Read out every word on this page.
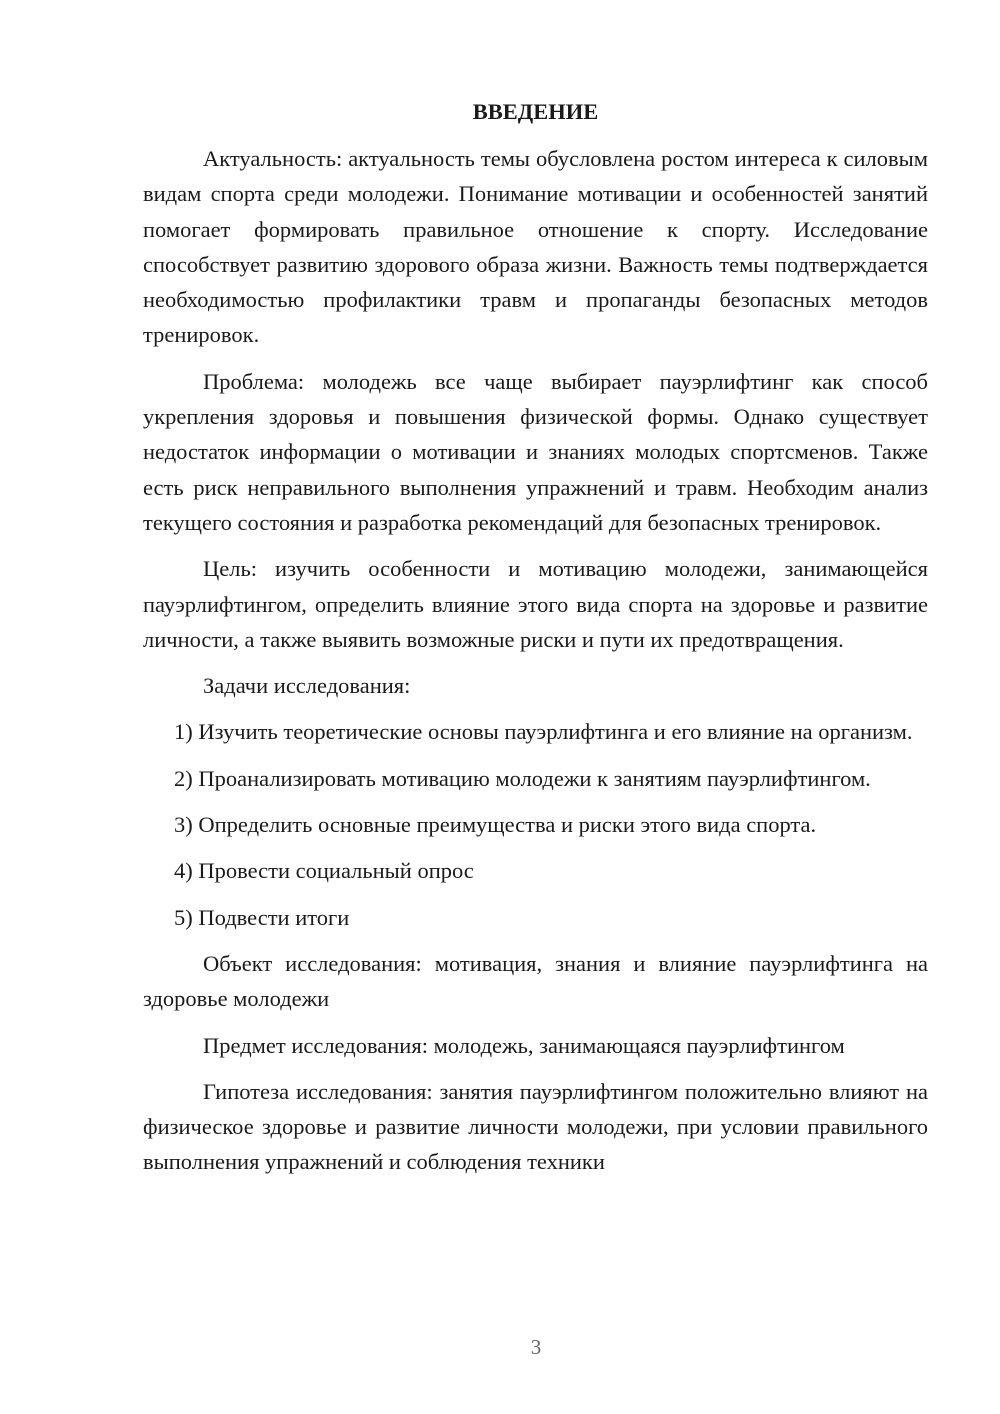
ВВЕДЕНИЕ

Актуальность: актуальность темы обусловлена ростом интереса к силовым видам спорта среди молодежи. Понимание мотивации и особенностей занятий помогает формировать правильное отношение к спорту. Исследование способствует развитию здорового образа жизни. Важность темы подтверждается необходимостью профилактики травм и пропаганды безопасных методов тренировок.

Проблема: молодежь все чаще выбирает пауэрлифтинг как способ укрепления здоровья и повышения физической формы. Однако существует недостаток информации о мотивации и знаниях молодых спортсменов. Также есть риск неправильного выполнения упражнений и травм. Необходим анализ текущего состояния и разработка рекомендаций для безопасных тренировок.

Цель: изучить особенности и мотивацию молодежи, занимающейся пауэрлифтингом, определить влияние этого вида спорта на здоровье и развитие личности, а также выявить возможные риски и пути их предотвращения.

Задачи исследования:

1) Изучить теоретические основы пауэрлифтинга и его влияние на организм.

2) Проанализировать мотивацию молодежи к занятиям пауэрлифтингом.

3) Определить основные преимущества и риски этого вида спорта.

4) Провести социальный опрос

5) Подвести итоги

Объект исследования: мотивация, знания и влияние пауэрлифтинга на здоровье молодежи

Предмет исследования: молодежь, занимающаяся пауэрлифтингом

Гипотеза исследования: занятия пауэрлифтингом положительно влияют на физическое здоровье и развитие личности молодежи, при условии правильного выполнения упражнений и соблюдения техники

3
